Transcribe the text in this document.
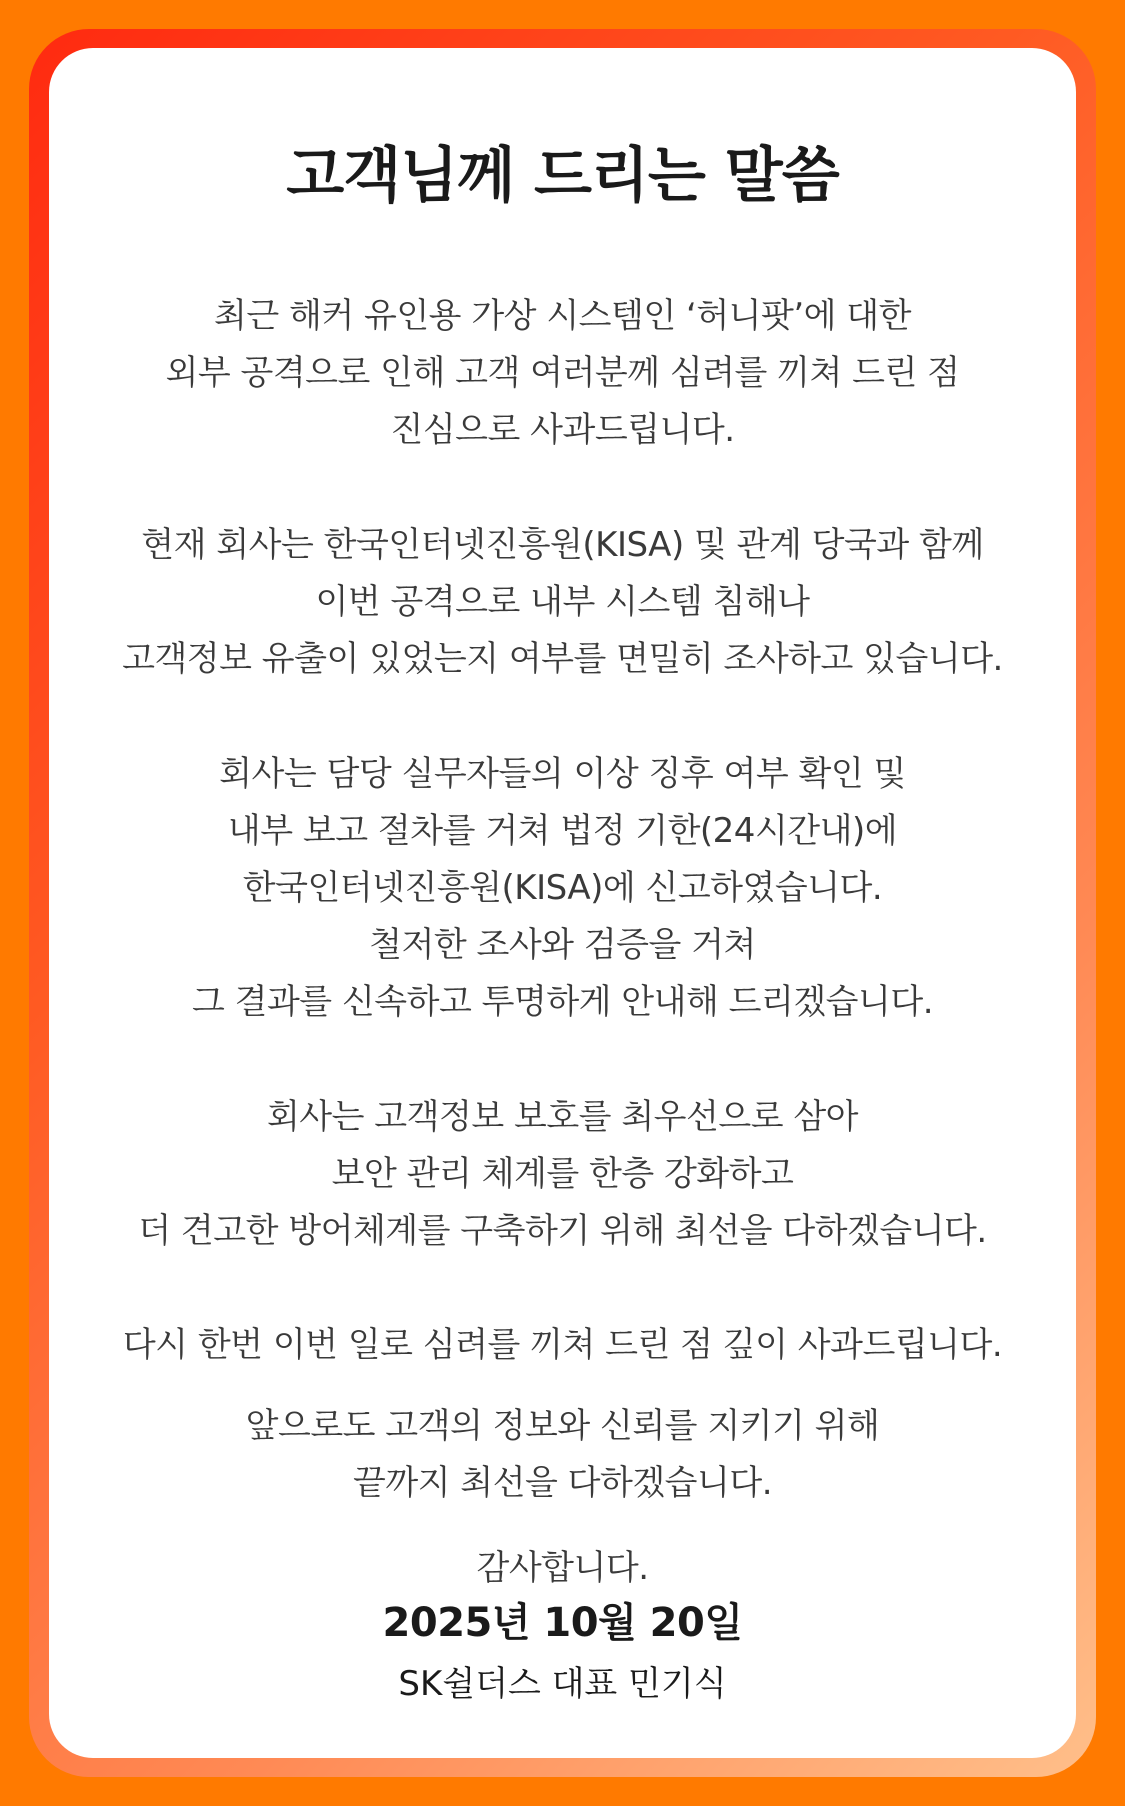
고객님께 드리는 말씀
최근 해커 유인용 가상 시스템인 ‘허니팟’에 대한
외부 공격으로 인해 고객 여러분께 심려를 끼쳐 드린 점
진심으로 사과드립니다.
현재 회사는 한국인터넷진흥원(KISA) 및 관계 당국과 함께
이번 공격으로 내부 시스템 침해나
고객정보 유출이 있었는지 여부를 면밀히 조사하고 있습니다.
회사는 담당 실무자들의 이상 징후 여부 확인 및
내부 보고 절차를 거쳐 법정 기한(24시간내)에
한국인터넷진흥원(KISA)에 신고하였습니다.
철저한 조사와 검증을 거쳐
그 결과를 신속하고 투명하게 안내해 드리겠습니다.
회사는 고객정보 보호를 최우선으로 삼아
보안 관리 체계를 한층 강화하고
더 견고한 방어체계를 구축하기 위해 최선을 다하겠습니다.
다시 한번 이번 일로 심려를 끼쳐 드린 점 깊이 사과드립니다.
앞으로도 고객의 정보와 신뢰를 지키기 위해
끝까지 최선을 다하겠습니다.
감사합니다.
2025년 10월 20일
SK쉴더스 대표 민기식
